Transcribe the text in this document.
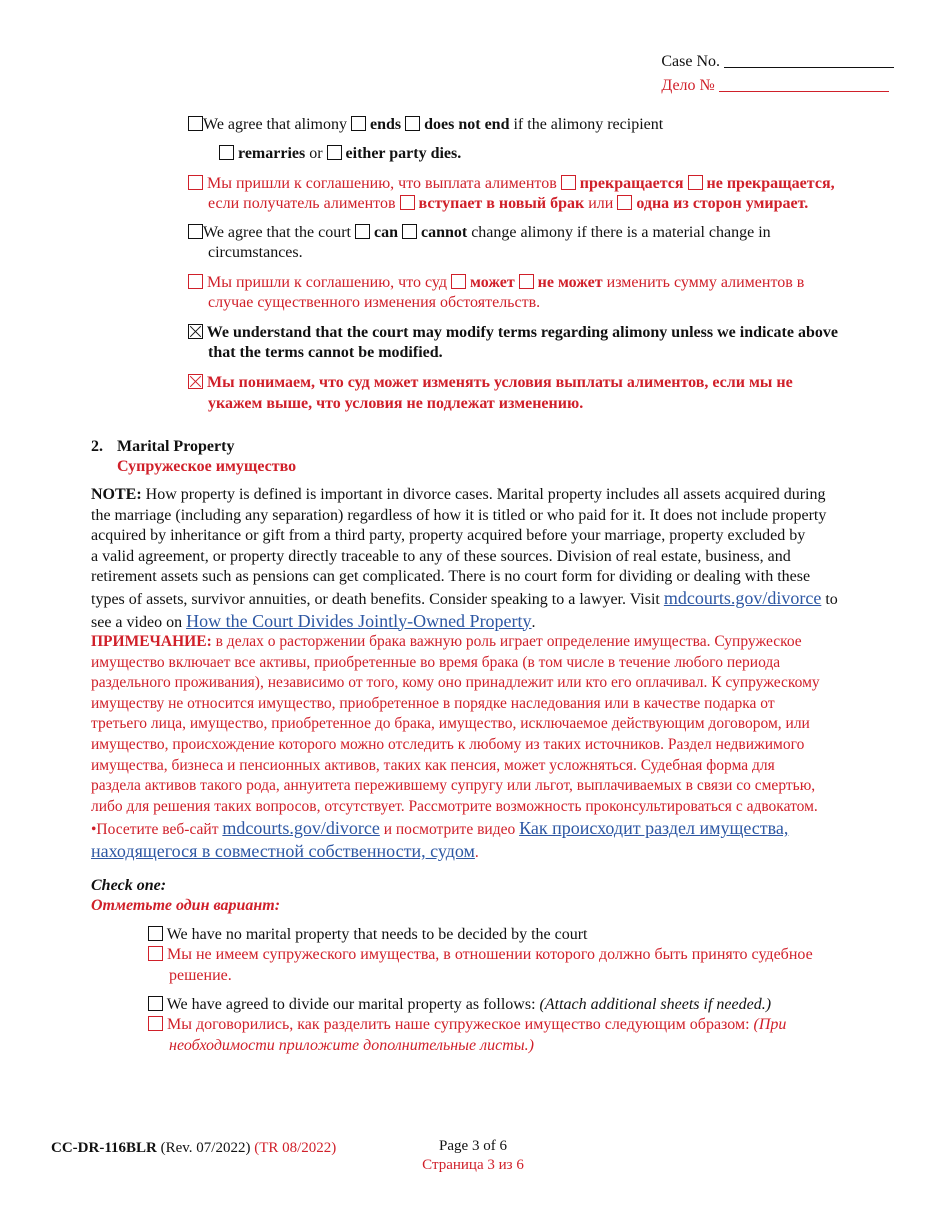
Case No.
Дело №
We agree that alimony ends does not end if the alimony recipient
remarries or either party dies.
Мы пришли к соглашению, что выплата алиментов прекращается не прекращается,
если получатель алиментов вступает в новый брак или одна из сторон умирает.
We agree that the court can cannot change alimony if there is a material change in
circumstances.
Мы пришли к соглашению, что суд может не может изменить сумму алиментов в
случае существенного изменения обстоятельств.
We understand that the court may modify terms regarding alimony unless we indicate above
that the terms cannot be modified.
Мы понимаем, что суд может изменять условия выплаты алиментов, если мы не
укажем выше, что условия не подлежат изменению.
2. Marital Property
Супружеское имущество
NOTE: How property is defined is important in divorce cases. Marital property includes all assets acquired during
the marriage (including any separation) regardless of how it is titled or who paid for it. It does not include property
acquired by inheritance or gift from a third party, property acquired before your marriage, property excluded by
a valid agreement, or property directly traceable to any of these sources. Division of real estate, business, and
retirement assets such as pensions can get complicated. There is no court form for dividing or dealing with these
types of assets, survivor annuities, or death benefits. Consider speaking to a lawyer. Visit mdcourts.gov/divorce to
see a video on How the Court Divides Jointly-Owned Property.
ПРИМЕЧАНИЕ: в делах о расторжении брака важную роль играет определение имущества. Супружеское
имущество включает все активы, приобретенные во время брака (в том числе в течение любого периода
раздельного проживания), независимо от того, кому оно принадлежит или кто его оплачивал. К супружескому
имуществу не относится имущество, приобретенное в порядке наследования или в качестве подарка от
третьего лица, имущество, приобретенное до брака, имущество, исключаемое действующим договором, или
имущество, происхождение которого можно отследить к любому из таких источников. Раздел недвижимого
имущества, бизнеса и пенсионных активов, таких как пенсия, может усложняться. Судебная форма для
раздела активов такого рода, аннуитета пережившему супругу или льгот, выплачиваемых в связи со смертью,
либо для решения таких вопросов, отсутствует. Рассмотрите возможность проконсультироваться с адвокатом.
•Посетите веб-сайт mdcourts.gov/divorce и посмотрите видео Как происходит раздел имущества,
находящегося в совместной собственности, судом.
Check one:
Отметьте один вариант:
We have no marital property that needs to be decided by the court
Мы не имеем супружеского имущества, в отношении которого должно быть принято судебное
решение.
We have agreed to divide our marital property as follows: (Attach additional sheets if needed.)
Мы договорились, как разделить наше супружеское имущество следующим образом: (При
необходимости приложите дополнительные листы.)
CC-DR-116BLR (Rev. 07/2022) (TR 08/2022)	Page 3 of 6
Страница 3 из 6
